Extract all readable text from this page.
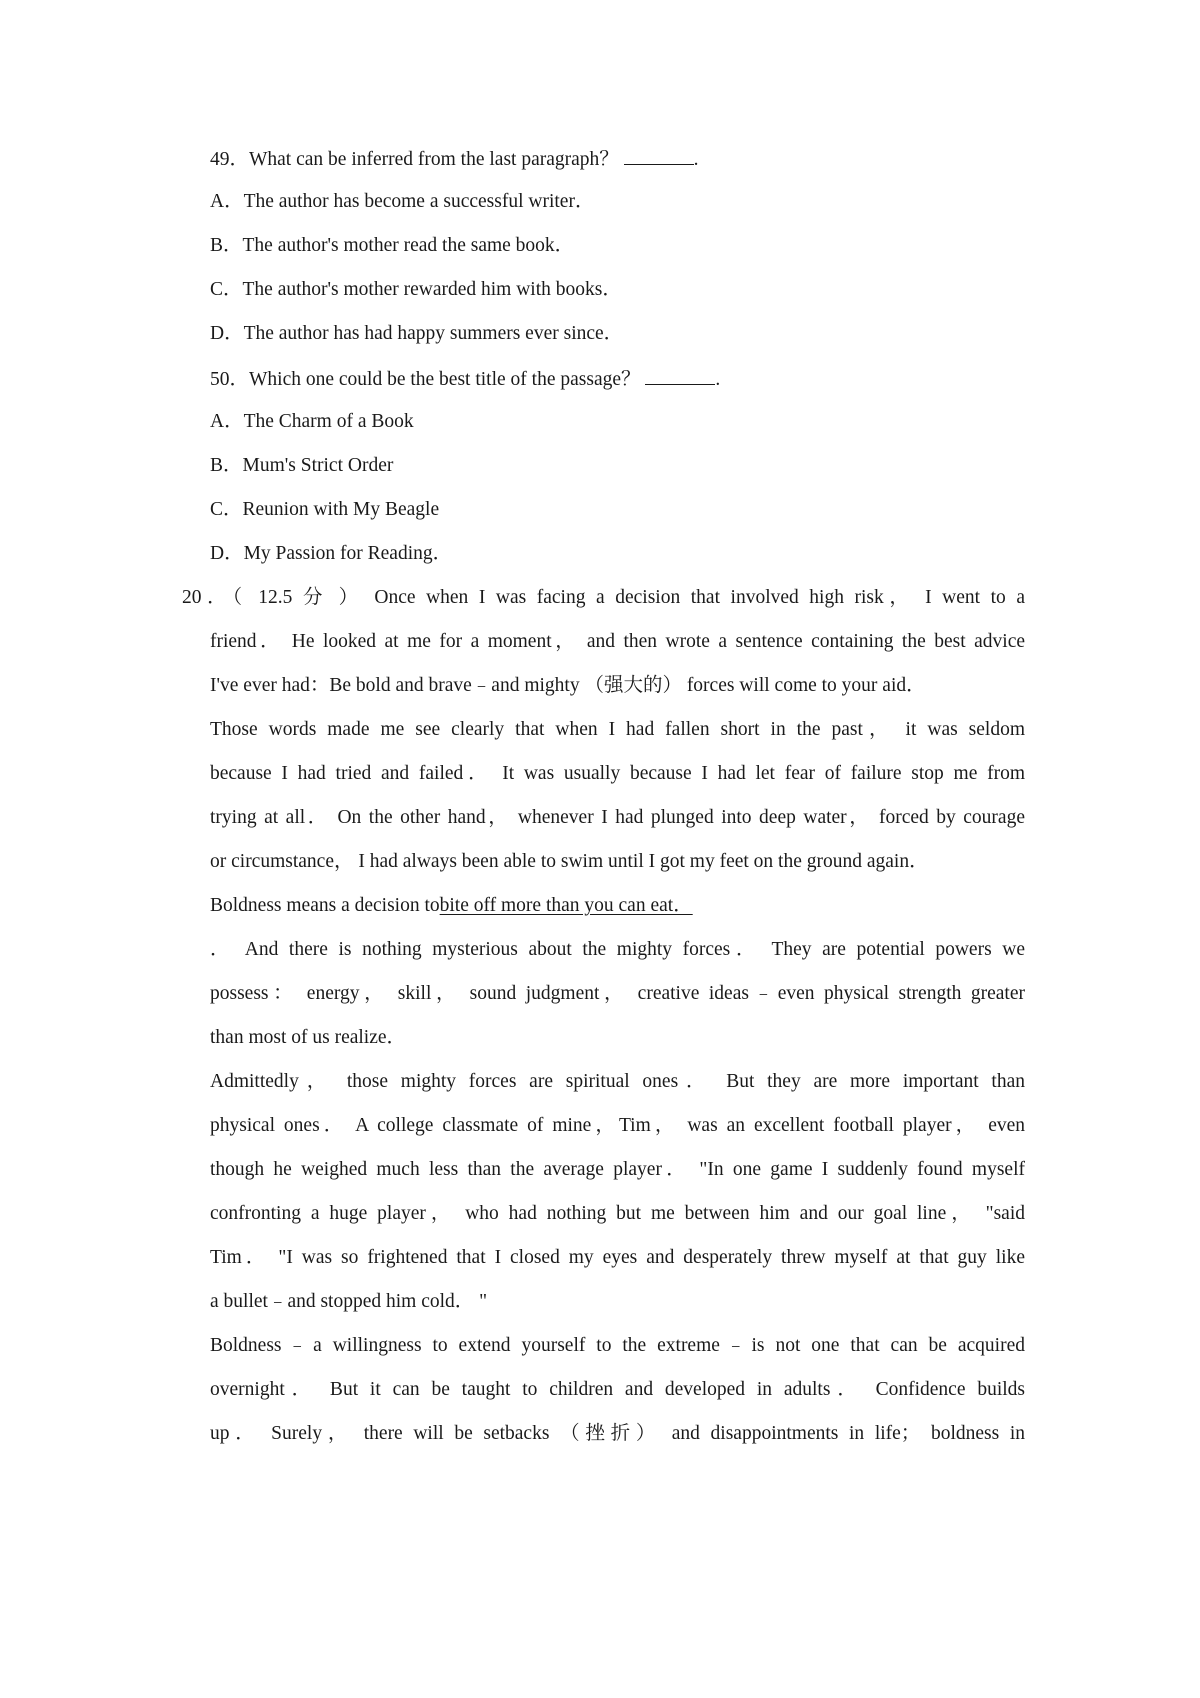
49．What can be inferred from the last paragraph？	.
A．The author has become a successful writer．
B．The author's mother read the same book．
C．The author's mother rewarded him with books．
D．The author has had happy summers ever since．
50．Which one could be the best title of the passage？	.
A．The Charm of a Book
B．Mum's Strict Order
C．Reunion with My Beagle
D．My Passion for Reading．
20．（ 12.5 分 ） Once when I was facing a decision that involved high risk， I went to a
friend． He looked at me for a moment， and then wrote a sentence containing the best advice
I've ever had：Be bold and brave﹣and mighty （强大的） forces will come to your aid．
Those words made me see clearly that when I had fallen short in the past， it was seldom
because I had tried and failed． It was usually because I had let fear of failure stop me from
trying at all． On the other hand， whenever I had plunged into deep water， forced by courage
or circumstance， I had always been able to swim until I got my feet on the ground again．
Boldness means a decision tobite off more than you can eat．
． And there is nothing mysterious about the mighty forces． They are potential powers we
possess： energy， skill， sound judgment， creative ideas﹣even physical strength greater
than most of us realize．
Admittedly， those mighty forces are spiritual ones． But they are more important than
physical ones． A college classmate of mine，Tim， was an excellent football player， even
though he weighed much less than the average player． "In one game I suddenly found myself
confronting a huge player， who had nothing but me between him and our goal line， "said
Tim． "I was so frightened that I closed my eyes and desperately threw myself at that guy like
a bullet﹣and stopped him cold． "
Boldness﹣a willingness to extend yourself to the extreme﹣is not one that can be acquired
overnight． But it can be taught to children and developed in adults． Confidence builds
up． Surely， there will be setbacks （挫折） and disappointments in life； boldness in
